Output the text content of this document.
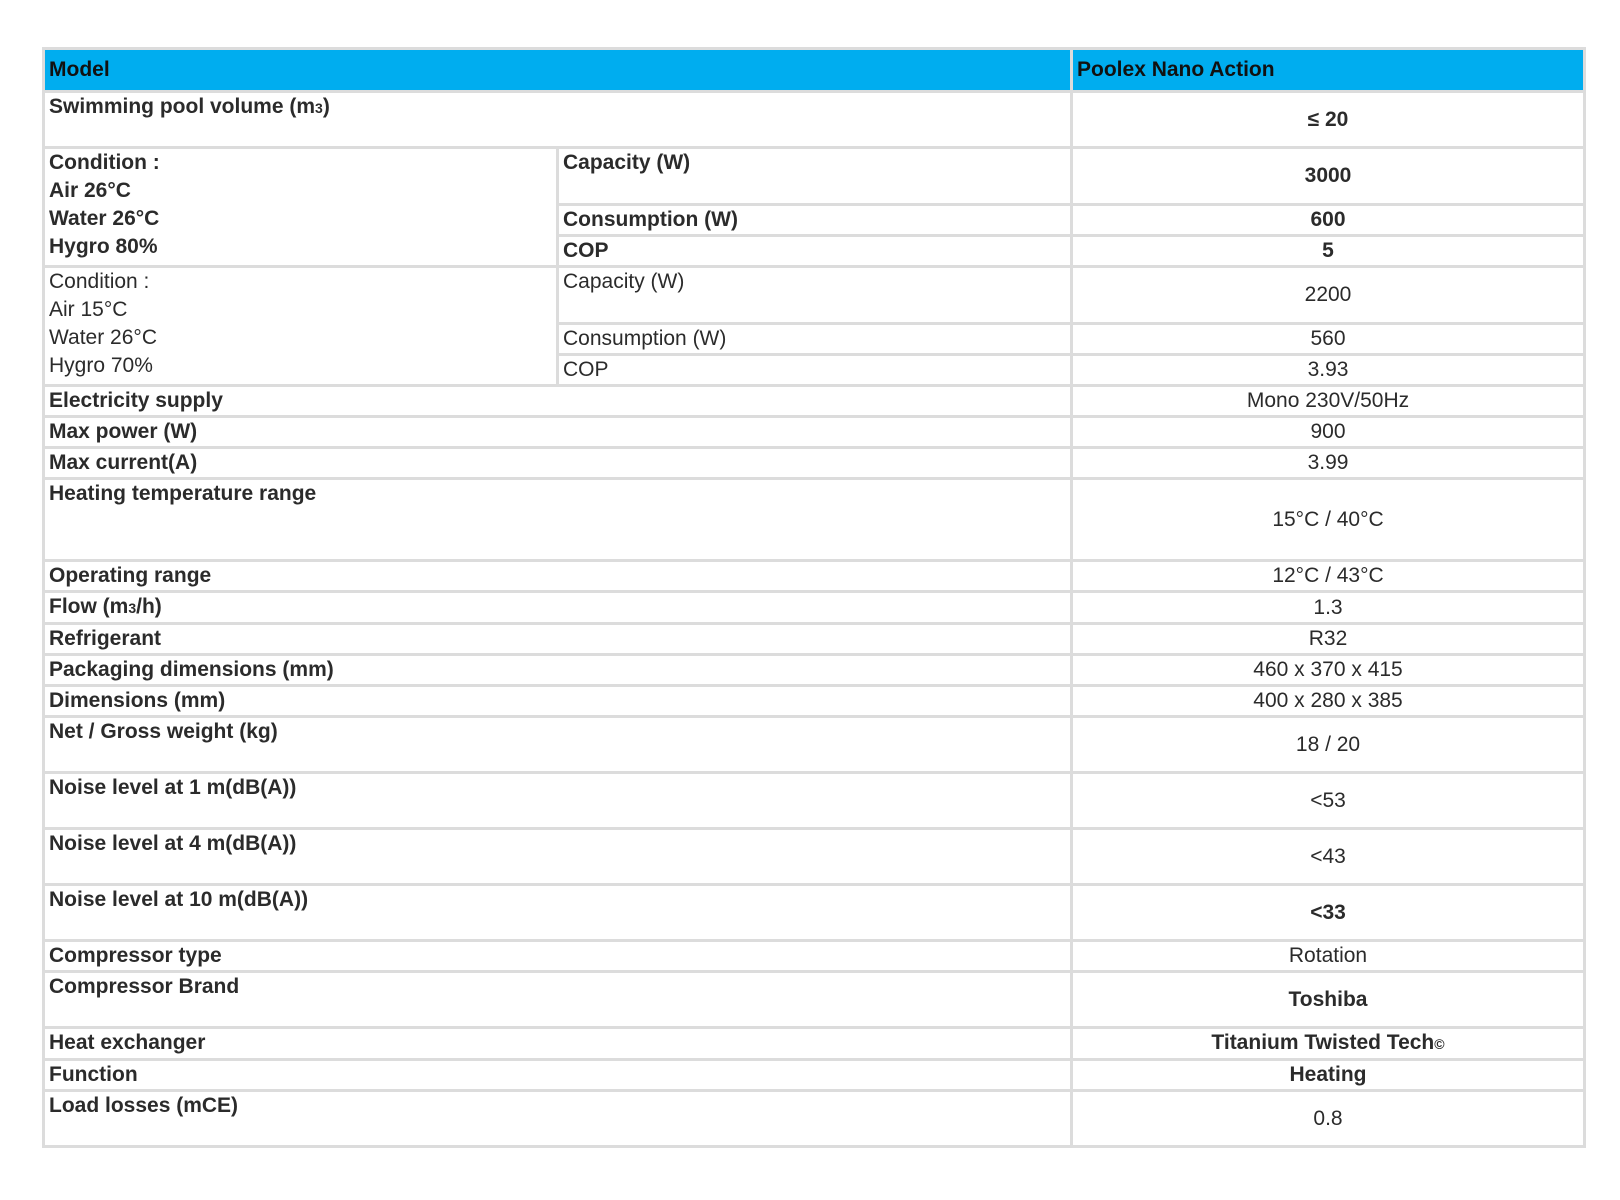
Model		Poolex Nano Action
Swimming pool volume (m3)		≤ 20

Condition :
Air 26°C
Water 26°C
Hygro 80%	Capacity (W)	3000
	Consumption (W)	600
	COP	5

Condition :
Air 15°C
Water 26°C
Hygro 70%	Capacity (W)	2200
	Consumption (W)	560
	COP	3.93
Electricity supply		Mono 230V/50Hz
Max power (W)		900
Max current(A)		3.99
Heating temperature range		15°C / 40°C
Operating range		12°C / 43°C
Flow (m3/h)		1.3
Refrigerant		R32
Packaging dimensions (mm)		460 x 370 x 415
Dimensions (mm)		400 x 280 x 385
Net / Gross weight (kg)		18 / 20
Noise level at 1 m(dB(A))		<53
Noise level at 4 m(dB(A))		<43
Noise level at 10 m(dB(A))		<33
Compressor type		Rotation
Compressor Brand		Toshiba
Heat exchanger		Titanium Twisted Tech©
Function		Heating
Load losses (mCE)		0.8
